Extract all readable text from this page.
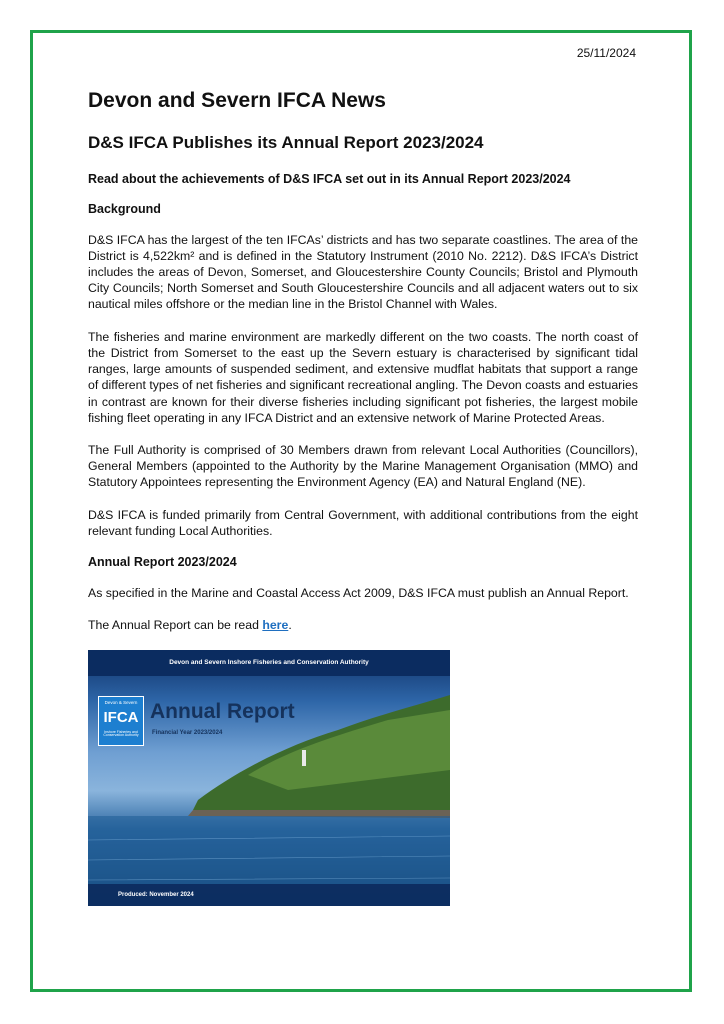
25/11/2024
Devon and Severn IFCA News
D&S IFCA Publishes its Annual Report 2023/2024
Read about the achievements of D&S IFCA set out in its Annual Report 2023/2024
Background

D&S IFCA has the largest of the ten IFCAs’ districts and has two separate coastlines. The area of the District is 4,522km² and is defined in the Statutory Instrument (2010 No. 2212). D&S IFCA’s District includes the areas of Devon, Somerset, and Gloucestershire County Councils; Bristol and Plymouth City Councils; North Somerset and South Gloucestershire Councils and all adjacent waters out to six nautical miles offshore or the median line in the Bristol Channel with Wales.

The fisheries and marine environment are markedly different on the two coasts. The north coast of the District from Somerset to the east up the Severn estuary is characterised by significant tidal ranges, large amounts of suspended sediment, and extensive mudflat habitats that support a range of different types of net fisheries and significant recreational angling. The Devon coasts and estuaries in contrast are known for their diverse fisheries including significant pot fisheries, the largest mobile fishing fleet operating in any IFCA District and an extensive network of Marine Protected Areas.

The Full Authority is comprised of 30 Members drawn from relevant Local Authorities (Councillors), General Members (appointed to the Authority by the Marine Management Organisation (MMO) and Statutory Appointees representing the Environment Agency (EA) and Natural England (NE).

D&S IFCA is funded primarily from Central Government, with additional contributions from the eight relevant funding Local Authorities.

Annual Report 2023/2024

As specified in the Marine and Coastal Access Act 2009, D&S IFCA must publish an Annual Report.

The Annual Report can be read here.

Devon and Severn Inshore Fisheries and Conservation Authority
Devon & Severn
IFCA
Inshore Fisheries and Conservation Authority
Annual Report
Financial Year 2023/2024
Produced: November 2024
